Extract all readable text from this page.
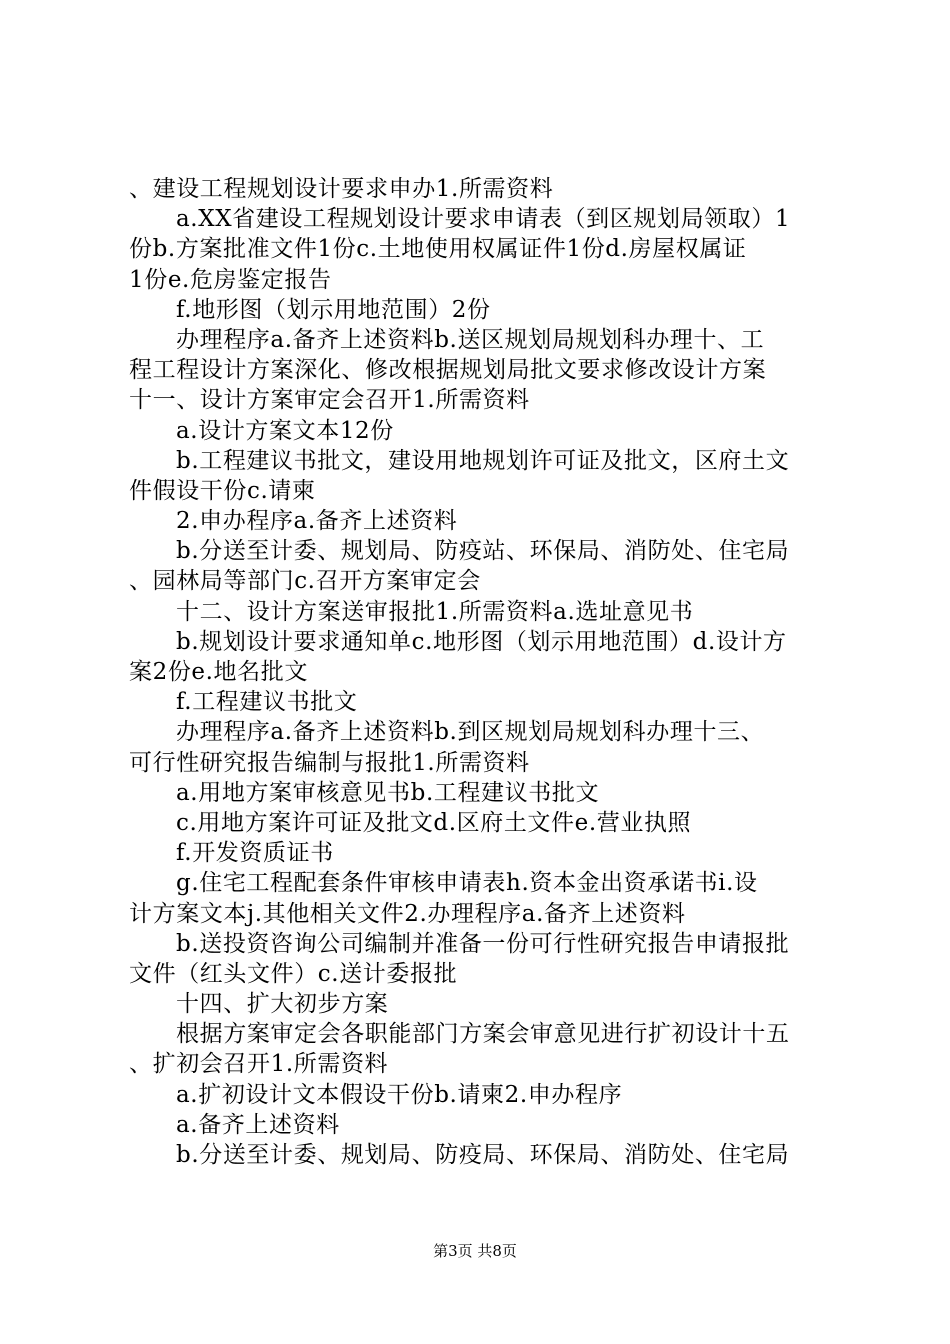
、建设工程规划设计要求申办1.所需资料
a.XX省建设工程规划设计要求申请表（到区规划局领取）1
份b.方案批准文件1份c.土地使用权属证件1份d.房屋权属证
1份e.危房鉴定报告
f.地形图（划示用地范围）2份
办理程序a.备齐上述资料b.送区规划局规划科办理十、工
程工程设计方案深化、修改根据规划局批文要求修改设计方案
十一、设计方案审定会召开1.所需资料
a.设计方案文本12份
b.工程建议书批文，建设用地规划许可证及批文，区府土文
件假设干份c.请柬
2.申办程序a.备齐上述资料
b.分送至计委、规划局、防疫站、环保局、消防处、住宅局
、园林局等部门c.召开方案审定会
十二、设计方案送审报批1.所需资料a.选址意见书
b.规划设计要求通知单c.地形图（划示用地范围）d.设计方
案2份e.地名批文
f.工程建议书批文
办理程序a.备齐上述资料b.到区规划局规划科办理十三、
可行性研究报告编制与报批1.所需资料
a.用地方案审核意见书b.工程建议书批文
c.用地方案许可证及批文d.区府土文件e.营业执照
f.开发资质证书
g.住宅工程配套条件审核申请表h.资本金出资承诺书i.设
计方案文本j.其他相关文件2.办理程序a.备齐上述资料
b.送投资咨询公司编制并准备一份可行性研究报告申请报批
文件（红头文件）c.送计委报批
十四、扩大初步方案
根据方案审定会各职能部门方案会审意见进行扩初设计十五
、扩初会召开1.所需资料
a.扩初设计文本假设干份b.请柬2.申办程序
a.备齐上述资料
b.分送至计委、规划局、防疫局、环保局、消防处、住宅局
第3页 共8页
